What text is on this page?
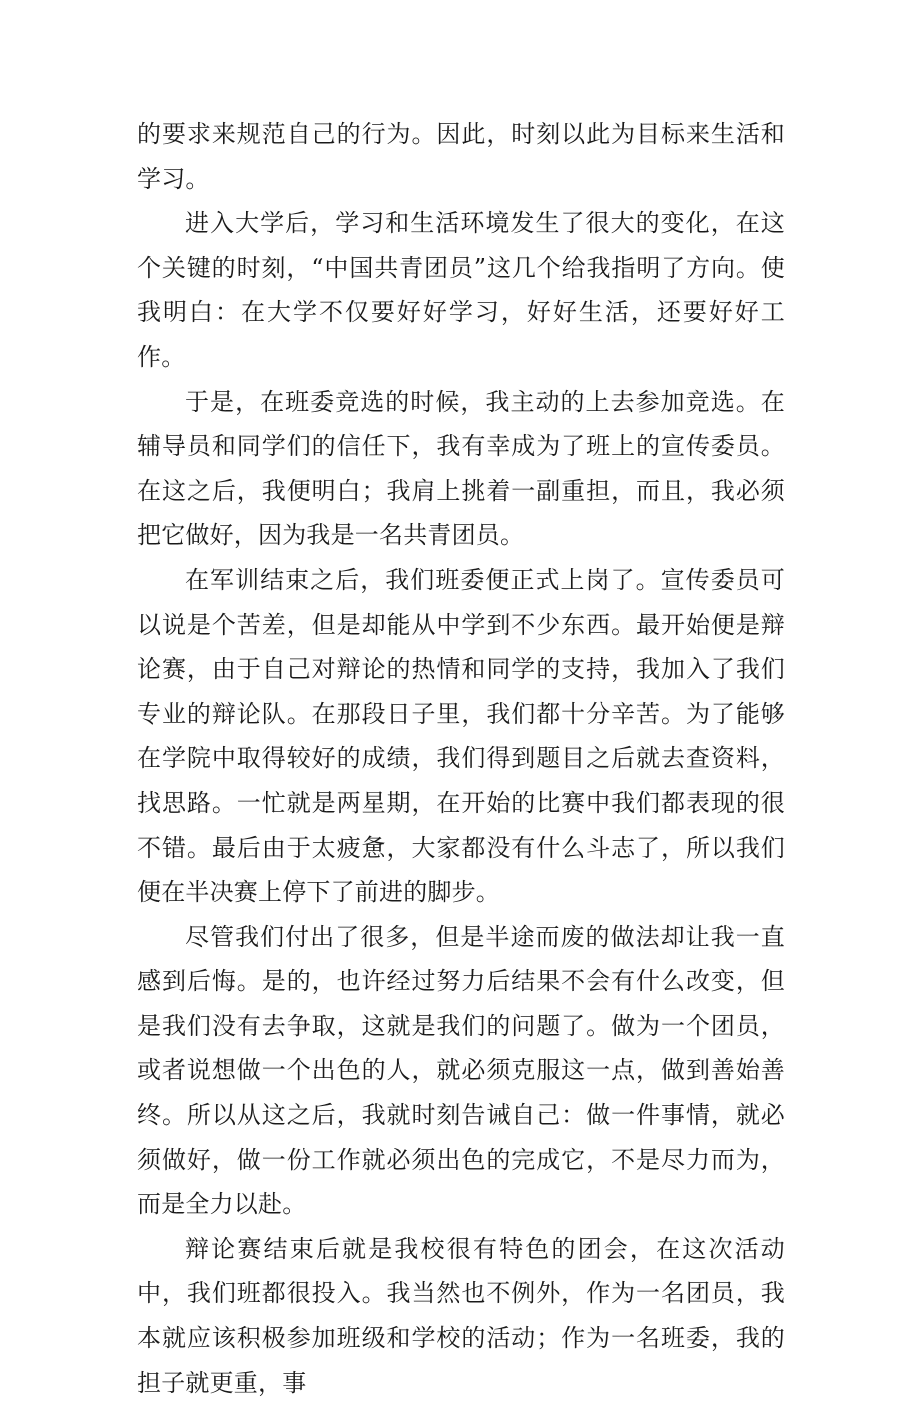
的要求来规范自己的行为。因此，时刻以此为目标来生活和学习。

进入大学后，学习和生活环境发生了很大的变化，在这个关键的时刻，“中国共青团员”这几个给我指明了方向。使我明白：在大学不仅要好好学习，好好生活，还要好好工作。

于是，在班委竞选的时候，我主动的上去参加竞选。在辅导员和同学们的信任下，我有幸成为了班上的宣传委员。在这之后，我便明白；我肩上挑着一副重担，而且，我必须把它做好，因为我是一名共青团员。

在军训结束之后，我们班委便正式上岗了。宣传委员可以说是个苦差，但是却能从中学到不少东西。最开始便是辩论赛，由于自己对辩论的热情和同学的支持，我加入了我们专业的辩论队。在那段日子里，我们都十分辛苦。为了能够在学院中取得较好的成绩，我们得到题目之后就去查资料，找思路。一忙就是两星期，在开始的比赛中我们都表现的很不错。最后由于太疲惫，大家都没有什么斗志了，所以我们便在半决赛上停下了前进的脚步。

尽管我们付出了很多，但是半途而废的做法却让我一直感到后悔。是的，也许经过努力后结果不会有什么改变，但是我们没有去争取，这就是我们的问题了。做为一个团员，或者说想做一个出色的人，就必须克服这一点，做到善始善终。所以从这之后，我就时刻告诫自己：做一件事情，就必须做好，做一份工作就必须出色的完成它，不是尽力而为，而是全力以赴。

辩论赛结束后就是我校很有特色的团会，在这次活动中，我们班都很投入。我当然也不例外，作为一名团员，我本就应该积极参加班级和学校的活动；作为一名班委，我的担子就更重，事
